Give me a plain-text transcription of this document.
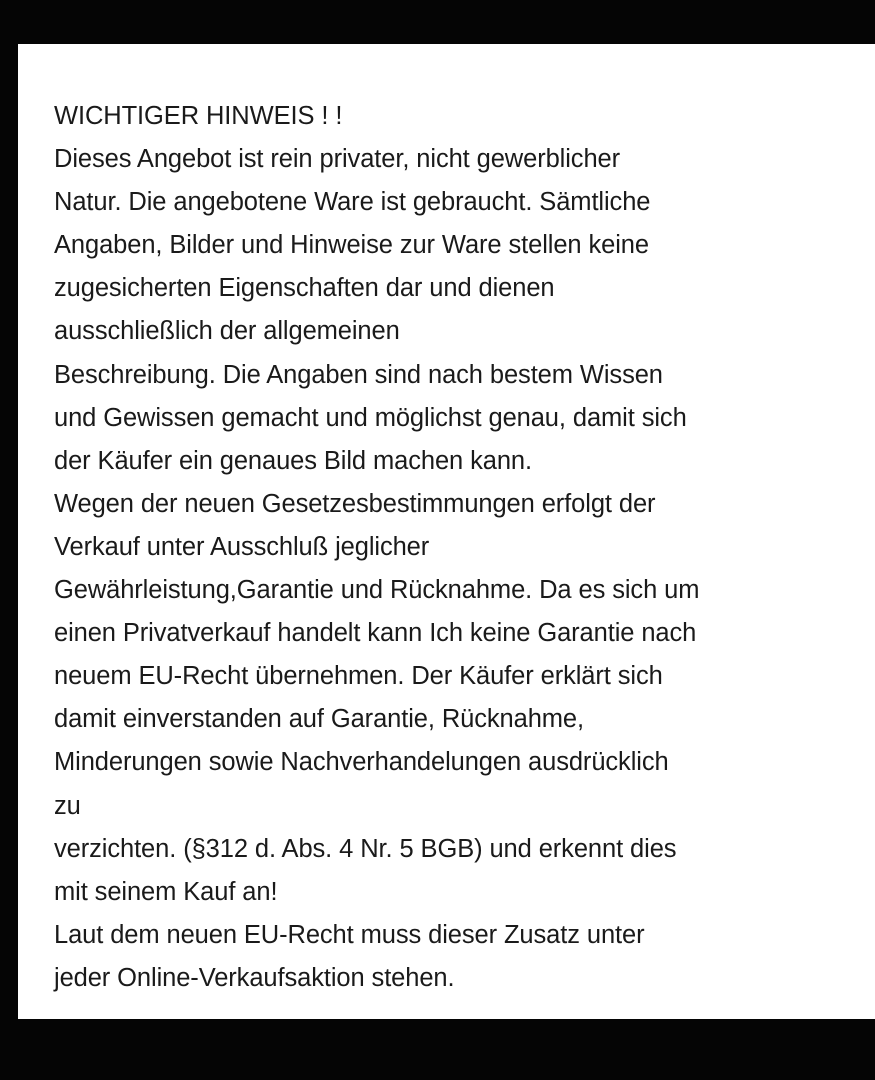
WICHTIGER HINWEIS ! !
Dieses Angebot ist rein privater, nicht gewerblicher
Natur. Die angebotene Ware ist gebraucht. Sämtliche
Angaben, Bilder und Hinweise zur Ware stellen keine
zugesicherten Eigenschaften dar und dienen
ausschließlich der allgemeinen
Beschreibung. Die Angaben sind nach bestem Wissen
und Gewissen gemacht und möglichst genau, damit sich
der Käufer ein genaues Bild machen kann.
Wegen der neuen Gesetzesbestimmungen erfolgt der
Verkauf unter Ausschluß jeglicher
Gewährleistung,Garantie und Rücknahme. Da es sich um
einen Privatverkauf handelt kann Ich keine Garantie nach
neuem EU-Recht übernehmen. Der Käufer erklärt sich
damit einverstanden auf Garantie, Rücknahme,
Minderungen sowie Nachverhandelungen ausdrücklich
zu
verzichten. (§312 d. Abs. 4 Nr. 5 BGB) und erkennt dies
mit seinem Kauf an!
Laut dem neuen EU-Recht muss dieser Zusatz unter
jeder Online-Verkaufsaktion stehen.
